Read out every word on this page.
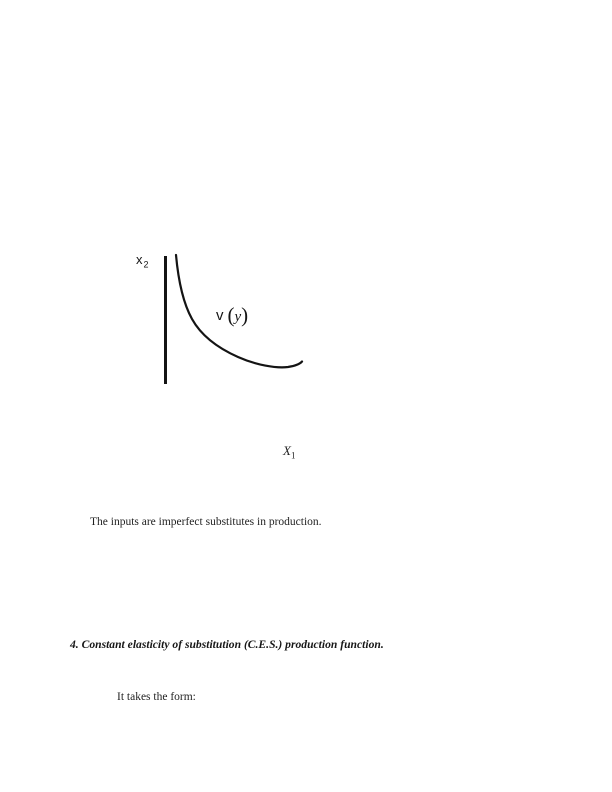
$x_2$
v (y)
$X_1$

The inputs are imperfect substitutes in production.

4. Constant elasticity of substitution (C.E.S.) production function.

It takes the form:
